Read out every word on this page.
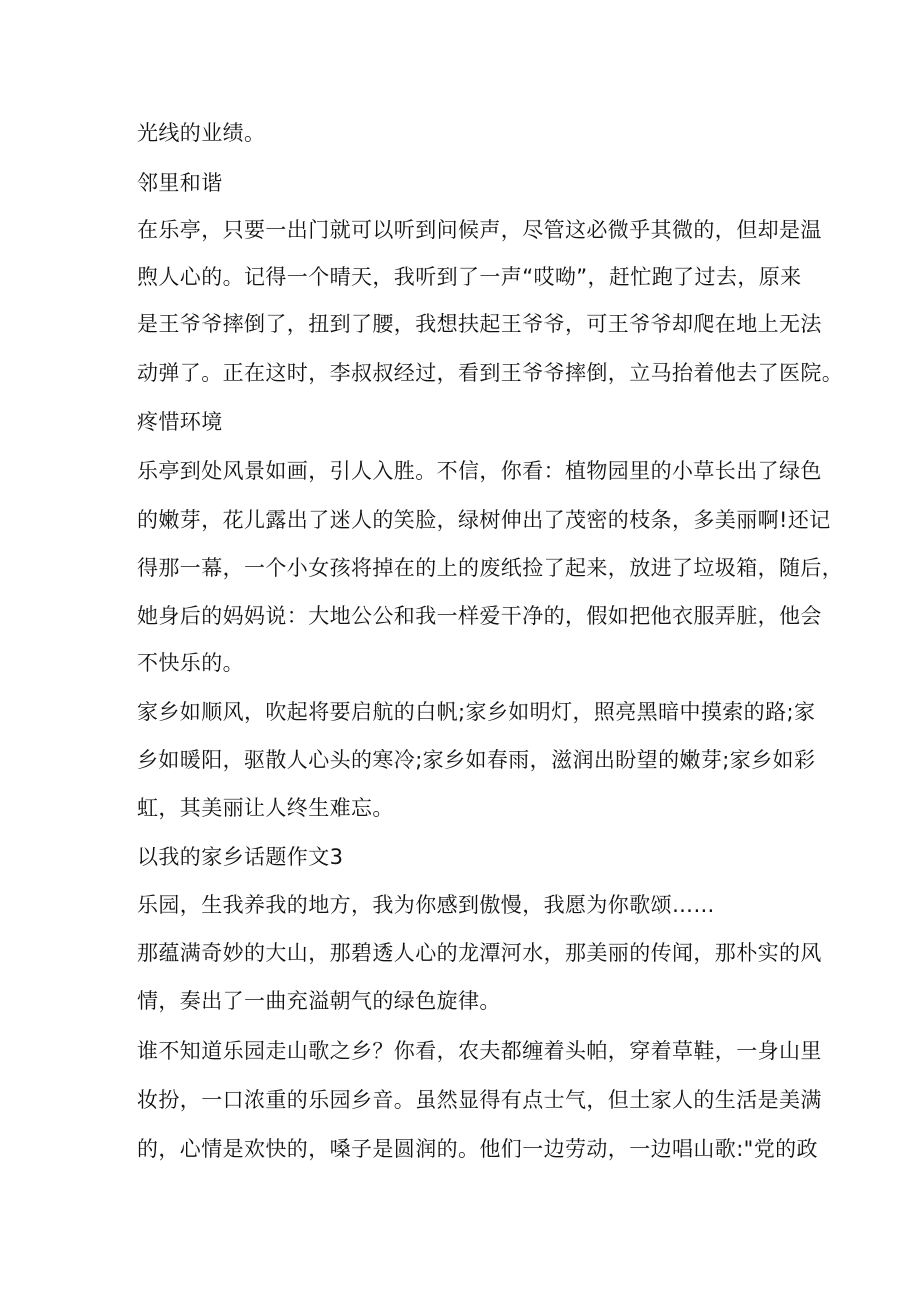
光线的业绩。

邻里和谐

在乐亭，只要一出门就可以听到问候声，尽管这必微乎其微的，但却是温

煦人心的。记得一个晴天，我听到了一声“哎呦”，赶忙跑了过去，原来

是王爷爷摔倒了，扭到了腰，我想扶起王爷爷，可王爷爷却爬在地上无法

动弹了。正在这时，李叔叔经过，看到王爷爷摔倒，立马抬着他去了医院。

疼惜环境

乐亭到处风景如画，引人入胜。不信，你看：植物园里的小草长出了绿色

的嫩芽，花儿露出了迷人的笑脸，绿树伸出了茂密的枝条，多美丽啊!还记

得那一幕，一个小女孩将掉在的上的废纸捡了起来，放进了垃圾箱，随后，

她身后的妈妈说：大地公公和我一样爱干净的，假如把他衣服弄脏，他会

不快乐的。

家乡如顺风，吹起将要启航的白帆;家乡如明灯，照亮黑暗中摸索的路;家

乡如暖阳，驱散人心头的寒冷;家乡如春雨，滋润出盼望的嫩芽;家乡如彩

虹，其美丽让人终生难忘。

以我的家乡话题作文3

乐园，生我养我的地方，我为你感到傲慢，我愿为你歌颂……

那蕴满奇妙的大山，那碧透人心的龙潭河水，那美丽的传闻，那朴实的风

情，奏出了一曲充溢朝气的绿色旋律。

谁不知道乐园走山歌之乡？你看，农夫都缠着头帕，穿着草鞋，一身山里

妆扮，一口浓重的乐园乡音。虽然显得有点士气，但土家人的生活是美满

的，心情是欢快的，嗓子是圆润的。他们一边劳动，一边唱山歌:"党的政
